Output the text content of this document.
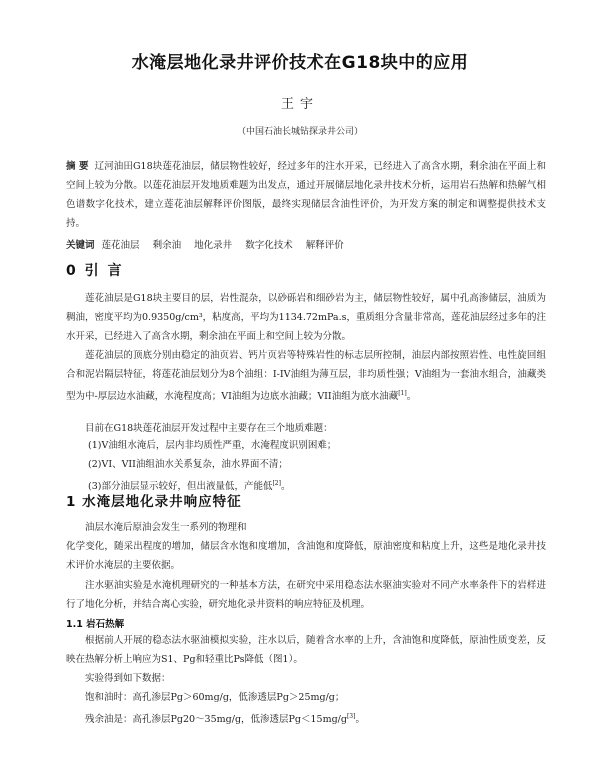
水淹层地化录井评价技术在G18块中的应用
王宇
（中国石油长城钻探录井公司）
摘 要 辽河油田G18块莲花油层，储层物性较好，经过多年的注水开采，已经进入了高含水期，剩余油在平面上和空间上较为分散。以莲花油层开发地质难题为出发点，通过开展储层地化录井技术分析，运用岩石热解和热解气相色谱数字化技术，建立莲花油层解释评价图版，最终实现储层含油性评价，为开发方案的制定和调整提供技术支持。
关键词 莲花油层 剩余油 地化录井 数字化技术 解释评价
0 引 言
莲花油层是G18块主要目的层，岩性混杂，以砂砾岩和细砂岩为主，储层物性较好，属中孔高渗储层，油质为稠油，密度平均为0.9350g/cm³，粘度高，平均为1134.72mPa.s，重质组分含量非常高，莲花油层经过多年的注水开采，已经进入了高含水期，剩余油在平面上和空间上较为分散。
莲花油层的顶底分别由稳定的油页岩、钙片页岩等特殊岩性的标志层所控制，油层内部按照岩性、电性旋回组合和泥岩隔层特征，将莲花油层划分为8个油组：I-IV油组为薄互层，非均质性强；V油组为一套油水组合，油藏类型为中-厚层边水油藏，水淹程度高；VI油组为边底水油藏；VII油组为底水油藏[1]。
目前在G18块莲花油层开发过程中主要存在三个地质难题：
(1)V油组水淹后，层内非均质性严重，水淹程度识别困难；
(2)VI、VII油组油水关系复杂，油水界面不清；
(3)部分油层显示较好，但出液量低，产能低[2]。
1 水淹层地化录井响应特征
油层水淹后原油会发生一系列的物理和
化学变化，随采出程度的增加，储层含水饱和度增加，含油饱和度降低，原油密度和粘度上升，这些是地化录井技术评价水淹层的主要依据。
注水驱油实验是水淹机理研究的一种基本方法，在研究中采用稳态法水驱油实验对不同产水率条件下的岩样进行了地化分析，并结合离心实验，研究地化录井资料的响应特征及机理。
1.1 岩石热解
根据前人开展的稳态法水驱油模拟实验，注水以后，随着含水率的上升，含油饱和度降低，原油性质变差，反映在热解分析上响应为S1、Pg和轻重比Ps降低（图1）。
实验得到如下数据：
饱和油时：高孔渗层Pg＞60mg/g，低渗透层Pg＞25mg/g；
残余油是：高孔渗层Pg20～35mg/g，低渗透层Pg＜15mg/g[3]。
